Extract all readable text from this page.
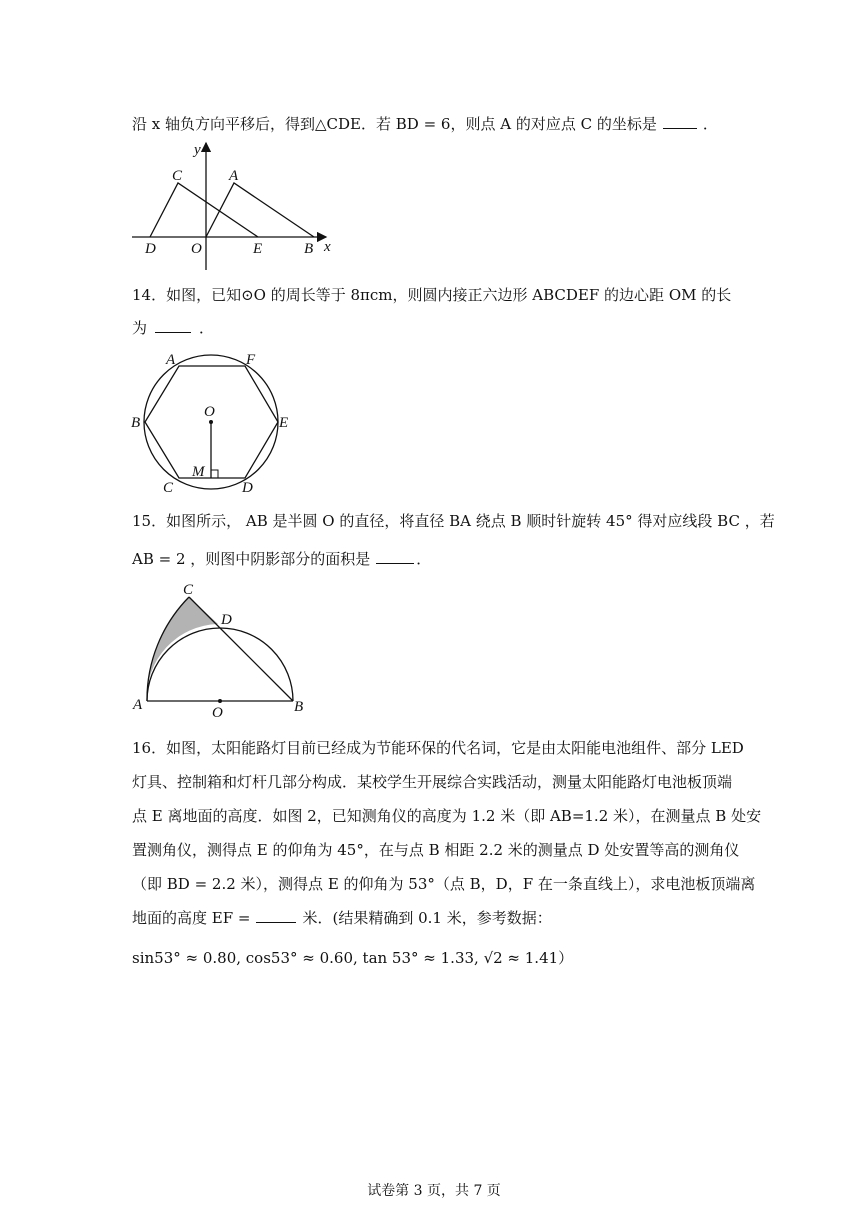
沿 x 轴负方向平移后，得到△CDE．若 BD = 6，则点 A 的对应点 C 的坐标是	．
y
C	A
D O	E	B x
14．如图，已知⊙O 的周长等于 8πcm，则圆内接正六边形 ABCDEF 的边心距 OM 的长
为	．
A	F
B	E
O
M
C	D
15．如图所示， AB 是半圆 O 的直径，将直径 BA 绕点 B 顺时针旋转 45° 得对应线段 BC ，若
AB = 2 ，则图中阴影部分的面积是	．
C
D
A	O	B
16．如图，太阳能路灯目前已经成为节能环保的代名词，它是由太阳能电池组件、部分 LED
灯具、控制箱和灯杆几部分构成．某校学生开展综合实践活动，测量太阳能路灯电池板顶端
点 E 离地面的高度．如图 2，已知测角仪的高度为 1.2 米（即 AB=1.2 米），在测量点 B 处安
置测角仪，测得点 E 的仰角为 45°，在与点 B 相距 2.2 米的测量点 D 处安置等高的测角仪
（即 BD = 2.2 米），测得点 E 的仰角为 53°（点 B，D，F 在一条直线上），求电池板顶端离
地面的高度 EF =	米．(结果精确到 0.1 米，参考数据：
sin53° ≈ 0.80, cos53° ≈ 0.60, tan 53° ≈ 1.33, √2 ≈ 1.41）
试卷第 3 页，共 7 页
